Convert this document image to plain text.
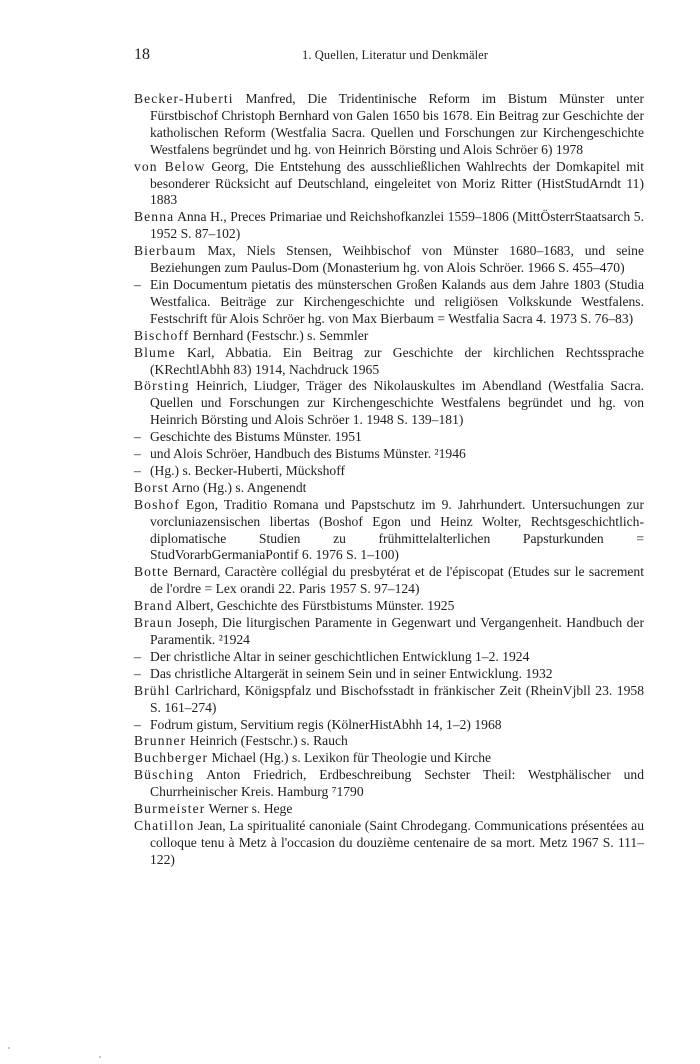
18	1. Quellen, Literatur und Denkmäler
Becker-Huberti Manfred, Die Tridentinische Reform im Bistum Münster unter Fürstbischof Christoph Bernhard von Galen 1650 bis 1678. Ein Beitrag zur Geschichte der katholischen Reform (Westfalia Sacra. Quellen und Forschungen zur Kirchengeschichte Westfalens begründet und hg. von Heinrich Börsting und Alois Schröer 6) 1978
von Below Georg, Die Entstehung des ausschließlichen Wahlrechts der Domkapitel mit besonderer Rücksicht auf Deutschland, eingeleitet von Moriz Ritter (HistStudArndt 11) 1883
Benna Anna H., Preces Primariae und Reichshofkanzlei 1559–1806 (MittÖsterrStaatsarch 5. 1952 S. 87–102)
Bierbaum Max, Niels Stensen, Weihbischof von Münster 1680–1683, und seine Beziehungen zum Paulus-Dom (Monasterium hg. von Alois Schröer. 1966 S. 455–470)
– Ein Documentum pietatis des münsterschen Großen Kalands aus dem Jahre 1803 (Studia Westfalica. Beiträge zur Kirchengeschichte und religiösen Volkskunde Westfalens. Festschrift für Alois Schröer hg. von Max Bierbaum = Westfalia Sacra 4. 1973 S. 76–83)
Bischoff Bernhard (Festschr.) s. Semmler
Blume Karl, Abbatia. Ein Beitrag zur Geschichte der kirchlichen Rechtssprache (KRechtlAbhh 83) 1914, Nachdruck 1965
Börsting Heinrich, Liudger, Träger des Nikolauskultes im Abendland (Westfalia Sacra. Quellen und Forschungen zur Kirchengeschichte Westfalens begründet und hg. von Heinrich Börsting und Alois Schröer 1. 1948 S. 139–181)
– Geschichte des Bistums Münster. 1951
– und Alois Schröer, Handbuch des Bistums Münster. ²1946
– (Hg.) s. Becker-Huberti, Mückshoff
Borst Arno (Hg.) s. Angenendt
Boshof Egon, Traditio Romana und Papstschutz im 9. Jahrhundert. Untersuchungen zur vorcluniazensischen libertas (Boshof Egon und Heinz Wolter, Rechtsgeschichtlich-diplomatische Studien zu frühmittelalterlichen Papsturkunden = StudVorarbGermaniaPontif 6. 1976 S. 1–100)
Botte Bernard, Caractère collégial du presbytérat et de l'épiscopat (Etudes sur le sacrement de l'ordre = Lex orandi 22. Paris 1957 S. 97–124)
Brand Albert, Geschichte des Fürstbistums Münster. 1925
Braun Joseph, Die liturgischen Paramente in Gegenwart und Vergangenheit. Handbuch der Paramentik. ²1924
– Der christliche Altar in seiner geschichtlichen Entwicklung 1–2. 1924
– Das christliche Altargerät in seinem Sein und in seiner Entwicklung. 1932
Brühl Carlrichard, Königspfalz und Bischofsstadt in fränkischer Zeit (RheinVjbll 23. 1958 S. 161–274)
– Fodrum gistum, Servitium regis (KölnerHistAbhh 14, 1–2) 1968
Brunner Heinrich (Festschr.) s. Rauch
Buchberger Michael (Hg.) s. Lexikon für Theologie und Kirche
Büsching Anton Friedrich, Erdbeschreibung Sechster Theil: Westphälischer und Churrheinischer Kreis. Hamburg ⁷1790
Burmeister Werner s. Hege
Chatillon Jean, La spiritualité canoniale (Saint Chrodegang. Communications présentées au colloque tenu à Metz à l'occasion du douzième centenaire de sa mort. Metz 1967 S. 111–122)
